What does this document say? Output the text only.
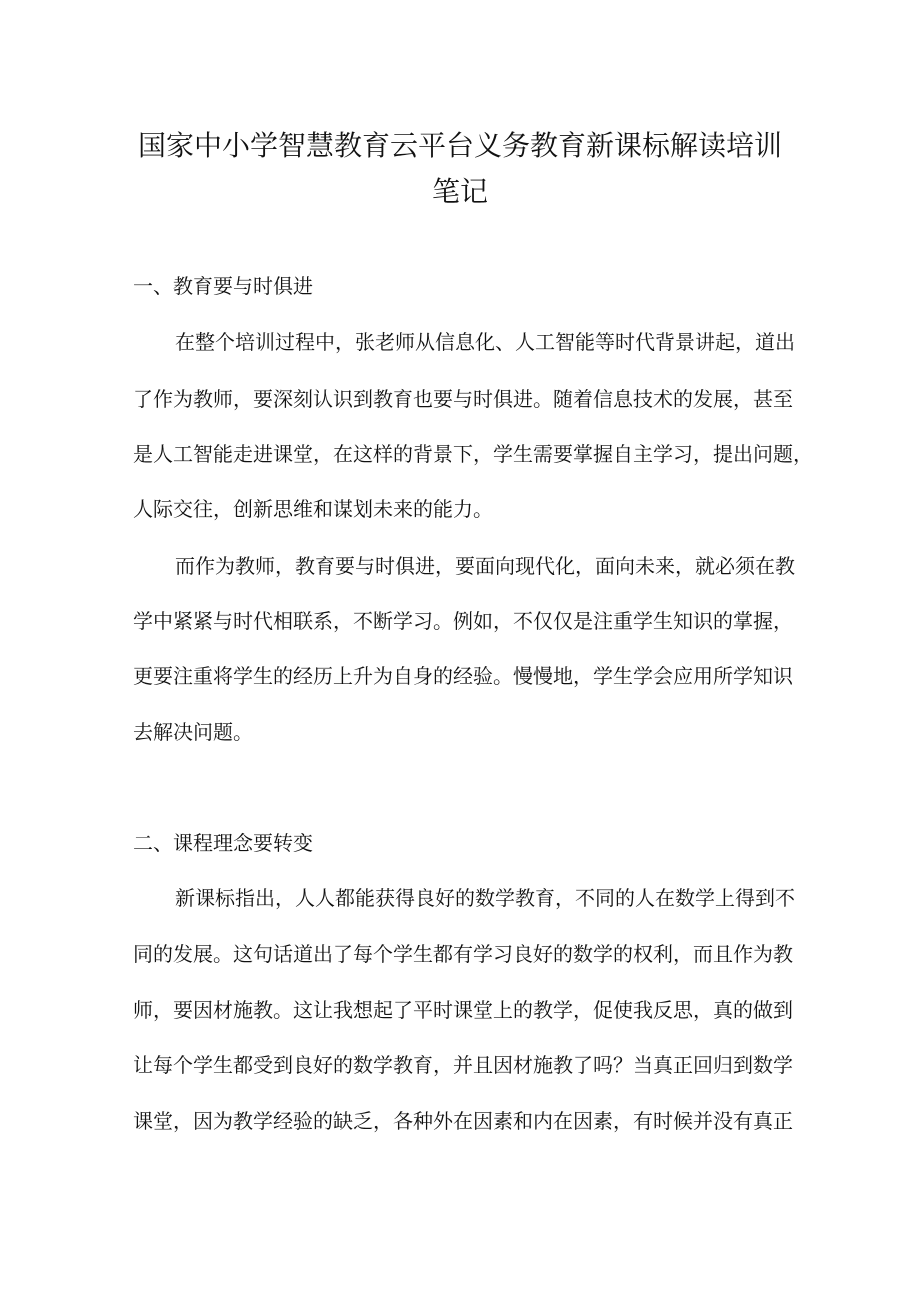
国家中小学智慧教育云平台义务教育新课标解读培训
笔记
一、教育要与时俱进

在整个培训过程中，张老师从信息化、人工智能等时代背景讲起，道出

了作为教师，要深刻认识到教育也要与时俱进。随着信息技术的发展，甚至

是人工智能走进课堂，在这样的背景下，学生需要掌握自主学习，提出问题，

人际交往，创新思维和谋划未来的能力。

而作为教师，教育要与时俱进，要面向现代化，面向未来，就必须在教

学中紧紧与时代相联系，不断学习。例如，不仅仅是注重学生知识的掌握，

更要注重将学生的经历上升为自身的经验。慢慢地，学生学会应用所学知识

去解决问题。

二、课程理念要转变

新课标指出，人人都能获得良好的数学教育，不同的人在数学上得到不

同的发展。这句话道出了每个学生都有学习良好的数学的权利，而且作为教

师，要因材施教。这让我想起了平时课堂上的教学，促使我反思，真的做到

让每个学生都受到良好的数学教育，并且因材施教了吗？当真正回归到数学

课堂，因为教学经验的缺乏，各种外在因素和内在因素，有时候并没有真正
